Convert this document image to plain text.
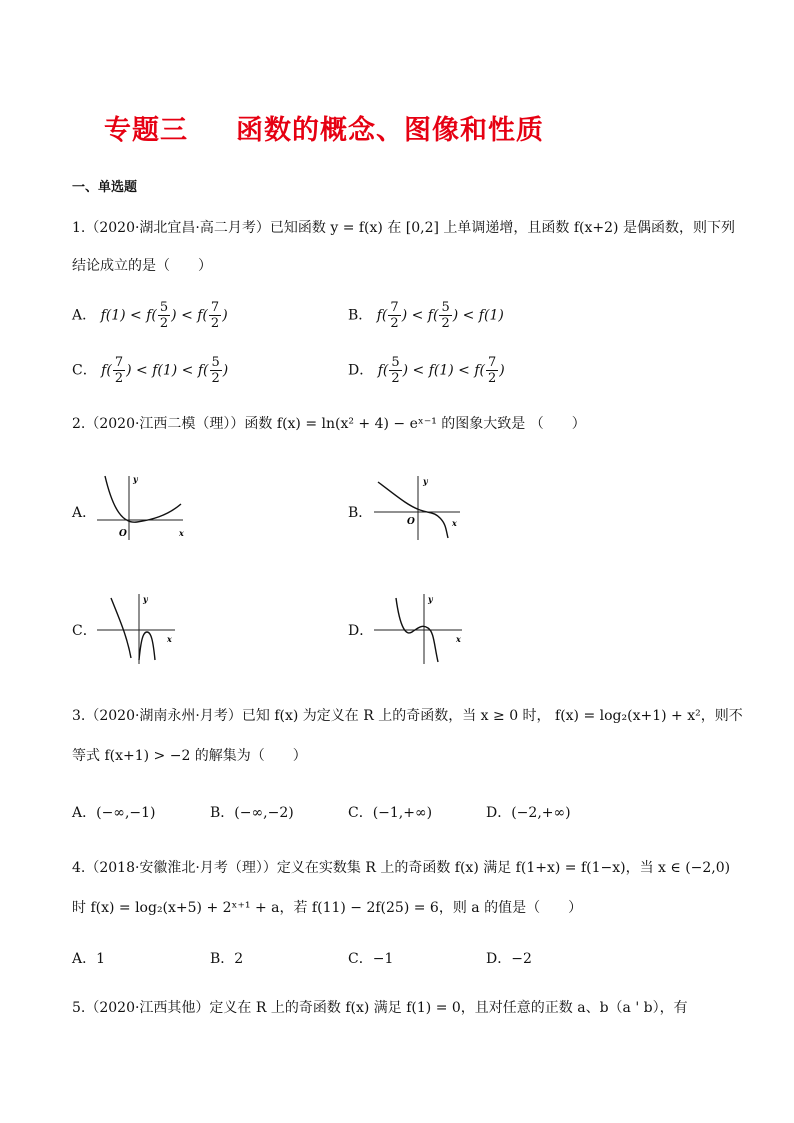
专题三 函数的概念、图像和性质
一、单选题
1.（2020·湖北宜昌·高二月考）已知函数 y = f(x) 在 [0,2] 上单调递增，且函数 f(x+2) 是偶函数，则下列
结论成立的是（　　）
A． $f(1) < f( \frac{5}{2}$ ) < $f( \frac{7}{2}$ )	B． $f( \frac{7}{2}$ ) < $f( \frac{5}{2}$ ) < f(1)
C． $f( \frac{7}{2}$ ) < $f(1) < f( \frac{5}{2}$ )	D． $f( \frac{5}{2}$ ) < $f(1) < f( \frac{7}{2}$ )
2.（2020·江西二模（理））函数 f(x) = ln(x² + 4) − eˣ⁻¹ 的图象大致是 （　　）
A．	B．
C．	D．
y
x
O
y
x
O
y
x
y
x
3.（2020·湖南永州·月考）已知 f(x) 为定义在 R 上的奇函数，当 x ≥ 0 时， f(x) = log₂(x+1) + x²，则不
等式 f(x+1) > −2 的解集为（　　）
A．(−∞,−1)	B．(−∞,−2)	C．(−1,+∞)	D．(−2,+∞)
4.（2018·安徽淮北·月考（理））定义在实数集 R 上的奇函数 f(x) 满足 f(1+x) = f(1−x)，当 x ∈ (−2,0)
时 f(x) = log₂(x+5) + 2ˣ⁺¹ + a，若 f(11) − 2f(25) = 6，则 a 的值是（　　）
A．1	B．2	C．−1	D．−2
5.（2020·江西其他）定义在 R 上的奇函数 f(x) 满足 f(1) = 0，且对任意的正数 a、b（a ' b），有
